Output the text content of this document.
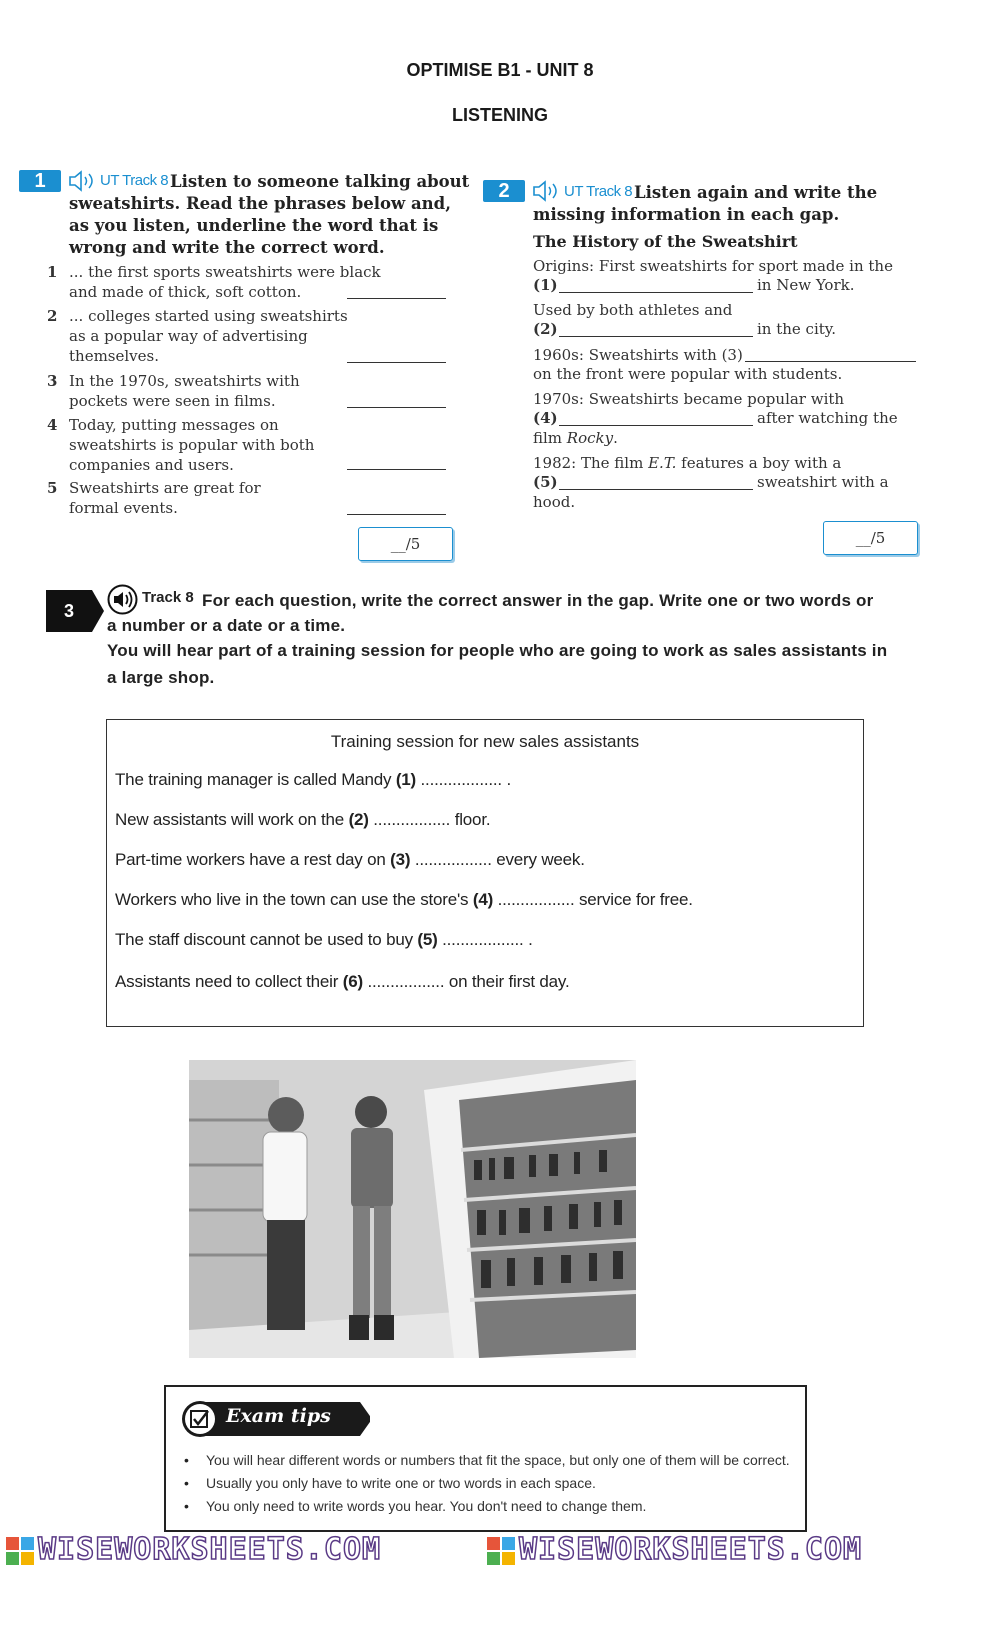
OPTIMISE B1 - UNIT 8
LISTENING
1	UT Track 8 Listen to someone talking about
sweatshirts. Read the phrases below and,
as you listen, underline the word that is
wrong and write the correct word.
1 ... the first sports sweatshirts were black
and made of thick, soft cotton.
2 ... colleges started using sweatshirts
as a popular way of advertising
themselves.
3 In the 1970s, sweatshirts with
pockets were seen in films.
4 Today, putting messages on
sweatshirts is popular with both
companies and users.
5 Sweatshirts are great for
formal events.
__/5
2	UT Track 8 Listen again and write the
missing information in each gap.
The History of the Sweatshirt
Origins: First sweatshirts for sport made in the
(1)	in New York.
Used by both athletes and
(2)	in the city.
1960s: Sweatshirts with (3)
on the front were popular with students.
1970s: Sweatshirts became popular with
(4)	after watching the
film Rocky.
1982: The film E.T. features a boy with a
(5)	sweatshirt with a
hood.
__/5
3
Track 8 For each question, write the correct answer in the gap. Write one or two words or
a number or a date or a time.
You will hear part of a training session for people who are going to work as sales assistants in
a large shop.
Training session for new sales assistants
The training manager is called Mandy (1) .................. .
New assistants will work on the (2) ................. floor.
Part-time workers have a rest day on (3) ................. every week.
Workers who live in the town can use the store's (4) ................. service for free.
The staff discount cannot be used to buy (5) .................. .
Assistants need to collect their (6) ................. on their first day.
Exam tips
• You will hear different words or numbers that fit the space, but only one of them will be correct.
• Usually you only have to write one or two words in each space.
• You only need to write words you hear. You don't need to change them.
WISEWORKSHEETS.COM	WISEWORKSHEETS.COM
